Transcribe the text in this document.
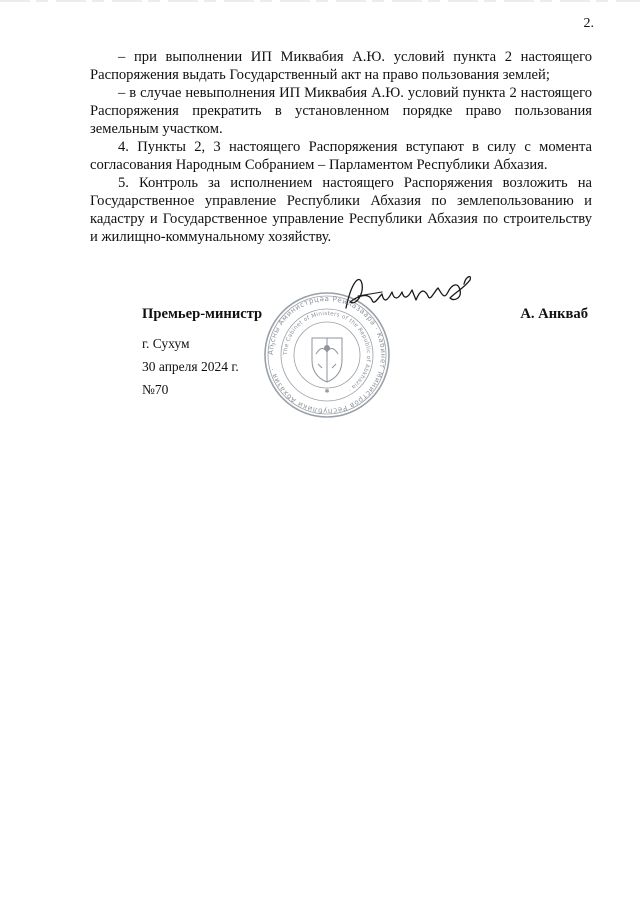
2.

– при выполнении ИП Миквабия А.Ю. условий пункта 2 настоящего Распоряжения выдать Государственный акт на право пользования землей;

– в случае невыполнения ИП Миквабия А.Ю. условий пункта 2 настоящего Распоряжения прекратить в установленном порядке право пользования земельным участком.

4. Пункты 2, 3 настоящего Распоряжения вступают в силу с момента согласования Народным Собранием – Парламентом Республики Абхазия.

5. Контроль за исполнением настоящего Распоряжения возложить на Государственное управление Республики Абхазия по землепользованию и кадастру и Государственное управление Республики Абхазия по строительству и жилищно-коммунальному хозяйству.

Аҧсны Аминистрцәа Реилазаара · Кабинет Министров Республики Абхазия ·
The Cabinet of Ministers of the Republic of Abkhazia ·
✱
Премьер-министр	А. Анкваб
г. Сухум
30 апреля 2024 г.
№70
